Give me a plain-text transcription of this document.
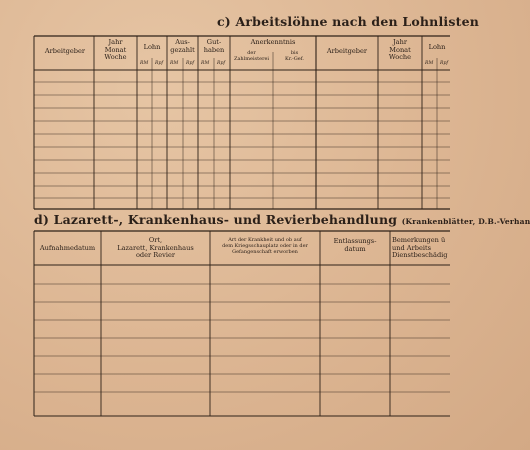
c) Arbeitslöhne nach den Lohnlisten
Arbeitgeber
Jahr
Monat
Woche
Lohn
Aus-
gezahlt
Gut-
haben
Anerkenntnis
der
Zahlmeisterei
bis
Kr.-Gef.
RM Rpf RM Rpf RM Rpf	RM Rpf
Arbeitgeber
Jahr
Monat
Woche
Lohn
d) Lazarett-, Krankenhaus- und Revierbehandlung (Krankenblätter, D.B.-Verhan
Aufnahmedatum
Ort,
Lazarett, Krankenhaus
oder Revier
Art der Krankheit und ob auf
dem Kriegsschauplatz oder in der
Gefangenschaft erworben
Entlassungs-
datum
Bemerkungen ü
und Arbeits
Dienstbeschädig
